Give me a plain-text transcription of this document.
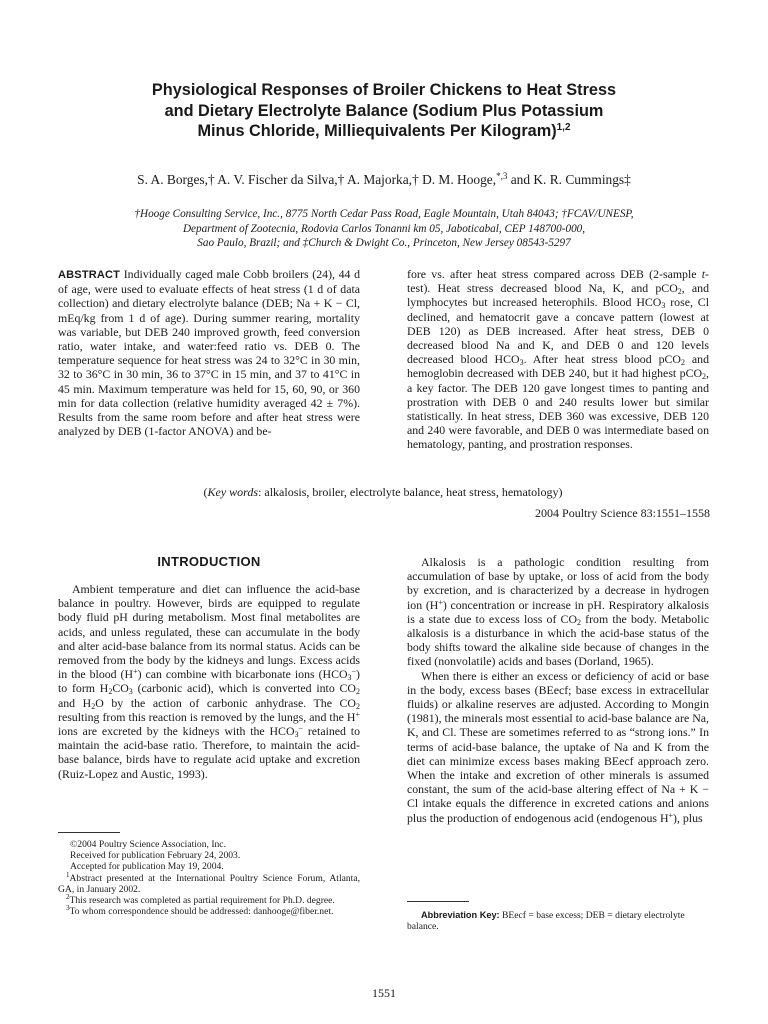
Physiological Responses of Broiler Chickens to Heat Stress
and Dietary Electrolyte Balance (Sodium Plus Potassium
Minus Chloride, Milliequivalents Per Kilogram)$^{1,2}$
S. A. Borges,† A. V. Fischer da Silva,† A. Majorka,† D. M. Hooge,$^{*,3}$ and K. R. Cummings‡
†Hooge Consulting Service, Inc., 8775 North Cedar Pass Road, Eagle Mountain, Utah 84043; †FCAV/UNESP,
Department of Zootecnia, Rodovia Carlos Tonanni km 05, Jaboticabal, CEP 148700-000,
Sao Paulo, Brazil; and ‡Church & Dwight Co., Princeton, New Jersey 08543-5297
ABSTRACT Individually caged male Cobb broilers (24), 44 d of age, were used to evaluate effects of heat stress (1 d of data collection) and dietary electrolyte balance (DEB; Na + K − Cl, mEq/kg from 1 d of age). During summer rearing, mortality was variable, but DEB 240 improved growth, feed conversion ratio, water intake, and water:feed ratio vs. DEB 0. The temperature sequence for heat stress was 24 to 32°C in 30 min, 32 to 36°C in 30 min, 36 to 37°C in 15 min, and 37 to 41°C in 45 min. Maximum temperature was held for 15, 60, 90, or 360 min for data collection (relative humidity averaged 42 ± 7%). Results from the same room before and after heat stress were analyzed by DEB (1-factor ANOVA) and be-
fore vs. after heat stress compared across DEB (2-sample t-test). Heat stress decreased blood Na, K, and pCO$_2$, and lymphocytes but increased heterophils. Blood $HCO_3$ rose, Cl declined, and hematocrit gave a concave pattern (lowest at DEB 120) as DEB increased. After heat stress, DEB 0 decreased blood Na and K, and DEB 0 and 120 levels decreased blood $HCO_3$. After heat stress blood pCO$_2$ and hemoglobin decreased with DEB 240, but it had highest pCO$_2$, a key factor. The DEB 120 gave longest times to panting and prostration with DEB 0 and 240 results lower but similar statistically. In heat stress, DEB 360 was excessive, DEB 120 and 240 were favorable, and DEB 0 was intermediate based on hematology, panting, and prostration responses.
(Key words: alkalosis, broiler, electrolyte balance, heat stress, hematology)
2004 Poultry Science 83:1551–1558
INTRODUCTION

Ambient temperature and diet can influence the acid-base balance in poultry. However, birds are equipped to regulate body fluid pH during metabolism. Most final metabolites are acids, and unless regulated, these can accumulate in the body and alter acid-base balance from its normal status. Acids can be removed from the body by the kidneys and lungs. Excess acids in the blood (H+) can combine with bicarbonate ions $(HCO_3^-)$ to form $H_2CO_3$ (carbonic acid), which is converted into $CO_2$ and $H_2O$ by the action of carbonic anhydrase. The $CO_2$ resulting from this reaction is removed by the lungs, and the H+ ions are excreted by the kidneys with the $HCO_3^-$ retained to maintain the acid-base ratio. Therefore, to maintain the acid-base balance, birds have to regulate acid uptake and excretion (Ruiz-Lopez and Austic, 1993).

Alkalosis is a pathologic condition resulting from accumulation of base by uptake, or loss of acid from the body by excretion, and is characterized by a decrease in hydrogen ion (H+) concentration or increase in pH. Respiratory alkalosis is a state due to excess loss of $CO_2$ from the body. Metabolic alkalosis is a disturbance in which the acid-base status of the body shifts toward the alkaline side because of changes in the fixed (nonvolatile) acids and bases (Dorland, 1965).

When there is either an excess or deficiency of acid or base in the body, excess bases (BEecf; base excess in extracellular fluids) or alkaline reserves are adjusted. According to Mongin (1981), the minerals most essential to acid-base balance are Na, K, and Cl. These are sometimes referred to as “strong ions.” In terms of acid-base balance, the uptake of Na and K from the diet can minimize excess bases making BEecf approach zero. When the intake and excretion of other minerals is assumed constant, the sum of the acid-base altering effect of Na + K − Cl intake equals the difference in excreted cations and anions plus the production of endogenous acid (endogenous H+), plus

©2004 Poultry Science Association, Inc.
Received for publication February 24, 2003.
Accepted for publication May 19, 2004.
$^1$Abstract presented at the International Poultry Science Forum, Atlanta, GA, in January 2002.
$^2$This research was completed as partial requirement for Ph.D. degree.
$^3$To whom correspondence should be addressed: danhooge@fiber.net.	Abbreviation Key: BEecf = base excess; DEB = dietary electrolyte balance.
1551
